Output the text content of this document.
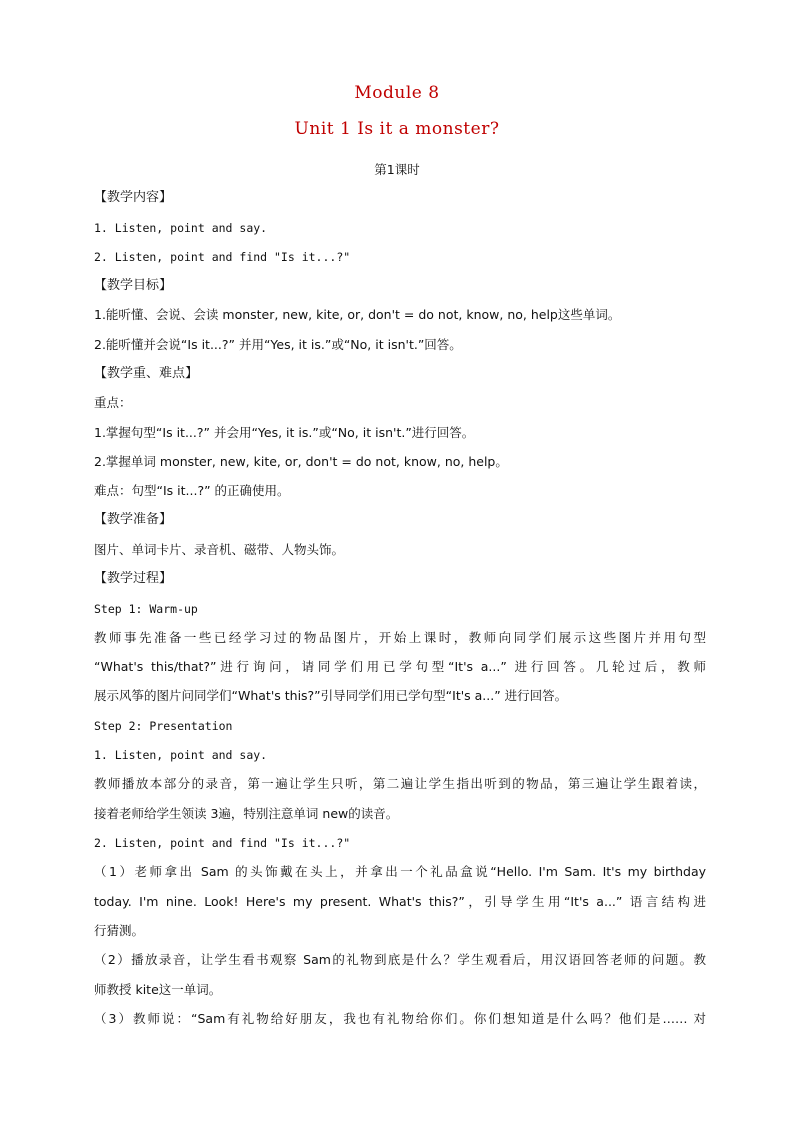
Module 8
Unit 1 Is it a monster?
第1课时
【教学内容】
1. Listen, point and say.
2. Listen, point and find "Is it...?"
【教学目标】
1.能听懂、会说、会读 monster, new, kite, or, don't = do not, know, no, help这些单词。
2.能听懂并会说“Is it...?” 并用“Yes, it is.”或“No, it isn't.”回答。
【教学重、难点】
重点：
1.掌握句型“Is it...?” 并会用“Yes, it is.”或“No, it isn't.”进行回答。
2.掌握单词 monster, new, kite, or, don't = do not, know, no, help。
难点：句型“Is it...?” 的正确使用。
【教学准备】
图片、单词卡片、录音机、磁带、人物头饰。
【教学过程】
Step 1: Warm-up
教师事先准备一些已经学习过的物品图片，开始上课时，教师向同学们展示这些图片并用句型
“What's this/that?”进行询问，请同学们用已学句型“It's a...” 进行回答。几轮过后，教师
展示风筝的图片问同学们“What's this?”引导同学们用已学句型“It's a...” 进行回答。
Step 2: Presentation
1. Listen, point and say.
教师播放本部分的录音，第一遍让学生只听，第二遍让学生指出听到的物品，第三遍让学生跟着读，
接着老师给学生领读 3遍，特别注意单词 new的读音。
2. Listen, point and find "Is it...?"
（1）老师拿出 Sam 的头饰戴在头上，并拿出一个礼品盒说“Hello. I'm Sam. It's my birthday
today. I'm nine. Look! Here's my present. What's this?”，引导学生用“It's a...” 语言结构进
行猜测。
（2）播放录音，让学生看书观察 Sam的礼物到底是什么？学生观看后，用汉语回答老师的问题。教
师教授 kite这一单词。
（3）教师说：“Sam有礼物给好朋友，我也有礼物给你们。你们想知道是什么吗？他们是…… 对
